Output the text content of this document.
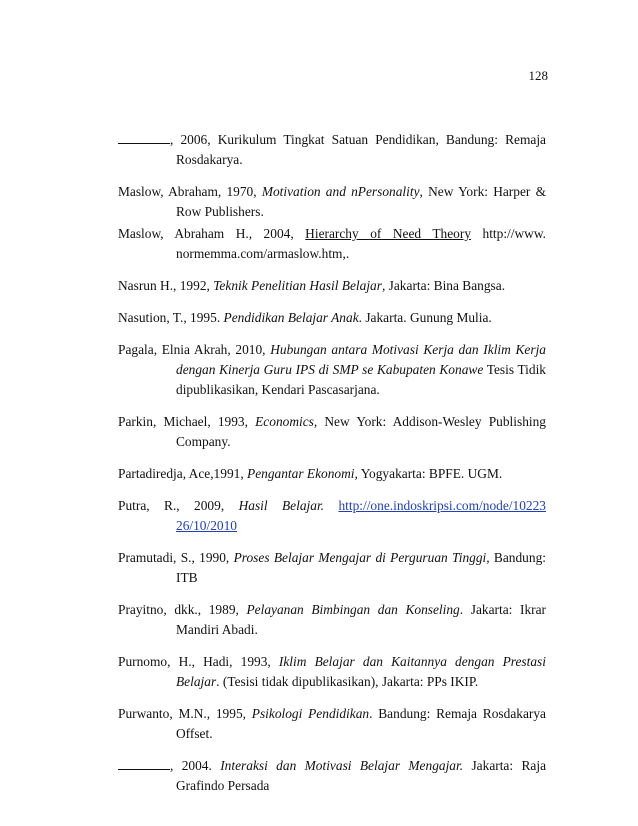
128
, 2006, Kurikulum Tingkat Satuan Pendidikan, Bandung: Remaja Rosdakarya.
Maslow, Abraham, 1970, Motivation and nPersonality, New York: Harper & Row Publishers.
Maslow, Abraham H., 2004, Hierarchy of Need Theory http://www. normemma.com/armaslow.htm,.
Nasrun H., 1992, Teknik Penelitian Hasil Belajar, Jakarta: Bina Bangsa.
Nasution, T., 1995. Pendidikan Belajar Anak. Jakarta. Gunung Mulia.
Pagala, Elnia Akrah, 2010, Hubungan antara Motivasi Kerja dan Iklim Kerja dengan Kinerja Guru IPS di SMP se Kabupaten Konawe Tesis Tidik dipublikasikan, Kendari Pascasarjana.
Parkin, Michael, 1993, Economics, New York: Addison-Wesley Publishing Company.
Partadiredja, Ace,1991, Pengantar Ekonomi, Yogyakarta: BPFE. UGM.
Putra, R., 2009, Hasil Belajar. http://one.indoskripsi.com/node/10223 26/10/2010
Pramutadi, S., 1990, Proses Belajar Mengajar di Perguruan Tinggi, Bandung: ITB
Prayitno, dkk., 1989, Pelayanan Bimbingan dan Konseling. Jakarta: Ikrar Mandiri Abadi.
Purnomo, H., Hadi, 1993, Iklim Belajar dan Kaitannya dengan Prestasi Belajar. (Tesisi tidak dipublikasikan), Jakarta: PPs IKIP.
Purwanto, M.N., 1995, Psikologi Pendidikan. Bandung: Remaja Rosdakarya Offset.
, 2004. Interaksi dan Motivasi Belajar Mengajar. Jakarta: Raja Grafindo Persada
